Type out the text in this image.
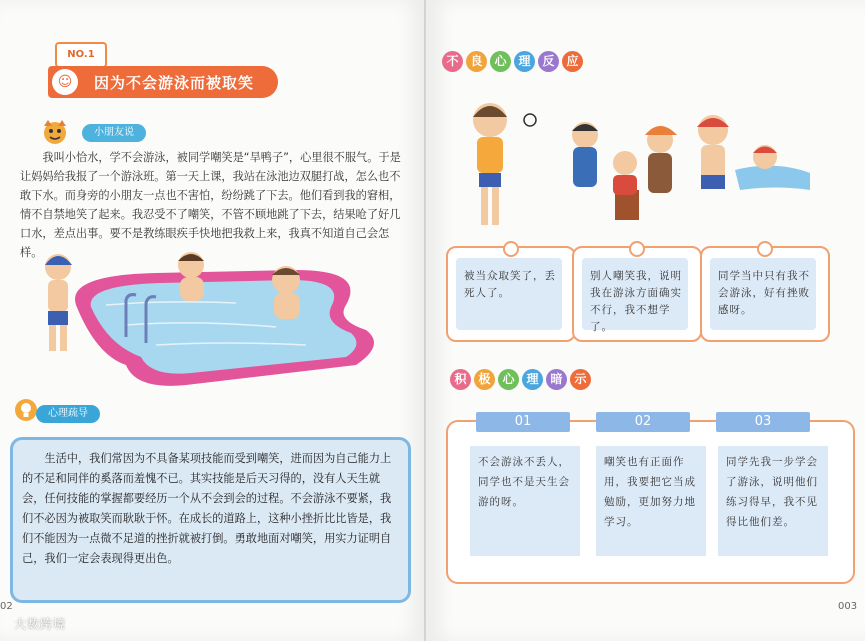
NO.1
☺	因为不会游泳而被取笑
小朋友说
我叫小恰水，学不会游泳，被同学嘲笑是“旱鸭子”，心里很不服气。于是让妈妈给我报了一个游泳班。第一天上课，我站在泳池边双腿打战，怎么也不敢下水。而身旁的小朋友一点也不害怕，纷纷跳了下去。他们看到我的窘相，情不自禁地笑了起来。我忍受不了嘲笑，不管不顾地跳了下去，结果呛了好几口水，差点出事。要不是教练眼疾手快地把我救上来，我真不知道自己会怎样。
心理疏导
生活中，我们常因为不具备某项技能而受到嘲笑，进而因为自己能力上的不足和同伴的奚落而羞愧不已。其实技能是后天习得的，没有人天生就会，任何技能的掌握都要经历一个从不会到会的过程。不会游泳不要紧，我们不必因为被取笑而耿耿于怀。在成长的道路上，这种小挫折比比皆是，我们不能因为一点微不足道的挫折就被打倒。勇敢地面对嘲笑，用实力证明自己，我们一定会表现得更出色。
02
不 良 心 理 反 应
被当众取笑了，丢死人了。
别人嘲笑我，说明我在游泳方面确实不行，我不想学了。
同学当中只有我不会游泳，好有挫败感呀。
积 极 心 理 暗 示
01	02	03
不会游泳不丢人，同学也不是天生会游的呀。
嘲笑也有正面作用，我要把它当成勉励，更加努力地学习。
同学先我一步学会了游泳，说明他们练习得早，我不见得比他们差。
003
大数跨境
